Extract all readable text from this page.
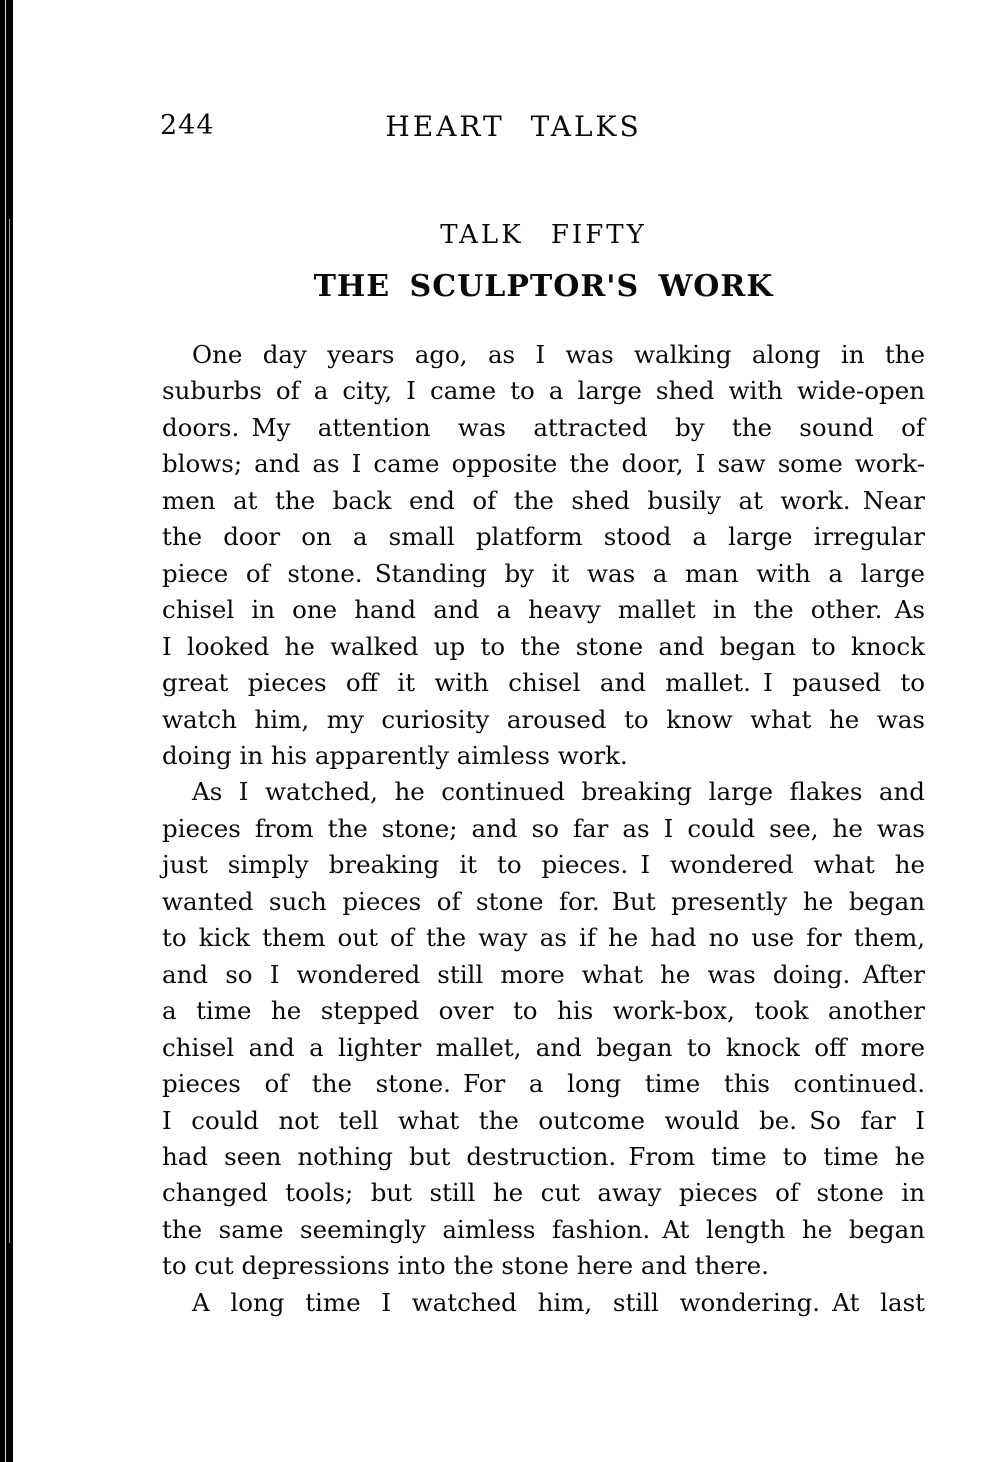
244	HEART TALKS
TALK FIFTY
THE SCULPTOR'S WORK
One day years ago, as I was walking along in the
suburbs of a city, I came to a large shed with wide-open
doors. My attention was attracted by the sound of
blows; and as I came opposite the door, I saw some work-
men at the back end of the shed busily at work. Near
the door on a small platform stood a large irregular
piece of stone. Standing by it was a man with a large
chisel in one hand and a heavy mallet in the other. As
I looked he walked up to the stone and began to knock
great pieces off it with chisel and mallet. I paused to
watch him, my curiosity aroused to know what he was
doing in his apparently aimless work.
As I watched, he continued breaking large flakes and
pieces from the stone; and so far as I could see, he was
just simply breaking it to pieces. I wondered what he
wanted such pieces of stone for. But presently he began
to kick them out of the way as if he had no use for them,
and so I wondered still more what he was doing. After
a time he stepped over to his work-box, took another
chisel and a lighter mallet, and began to knock off more
pieces of the stone. For a long time this continued.
I could not tell what the outcome would be. So far I
had seen nothing but destruction. From time to time he
changed tools; but still he cut away pieces of stone in
the same seemingly aimless fashion. At length he began
to cut depressions into the stone here and there.
A long time I watched him, still wondering. At last
